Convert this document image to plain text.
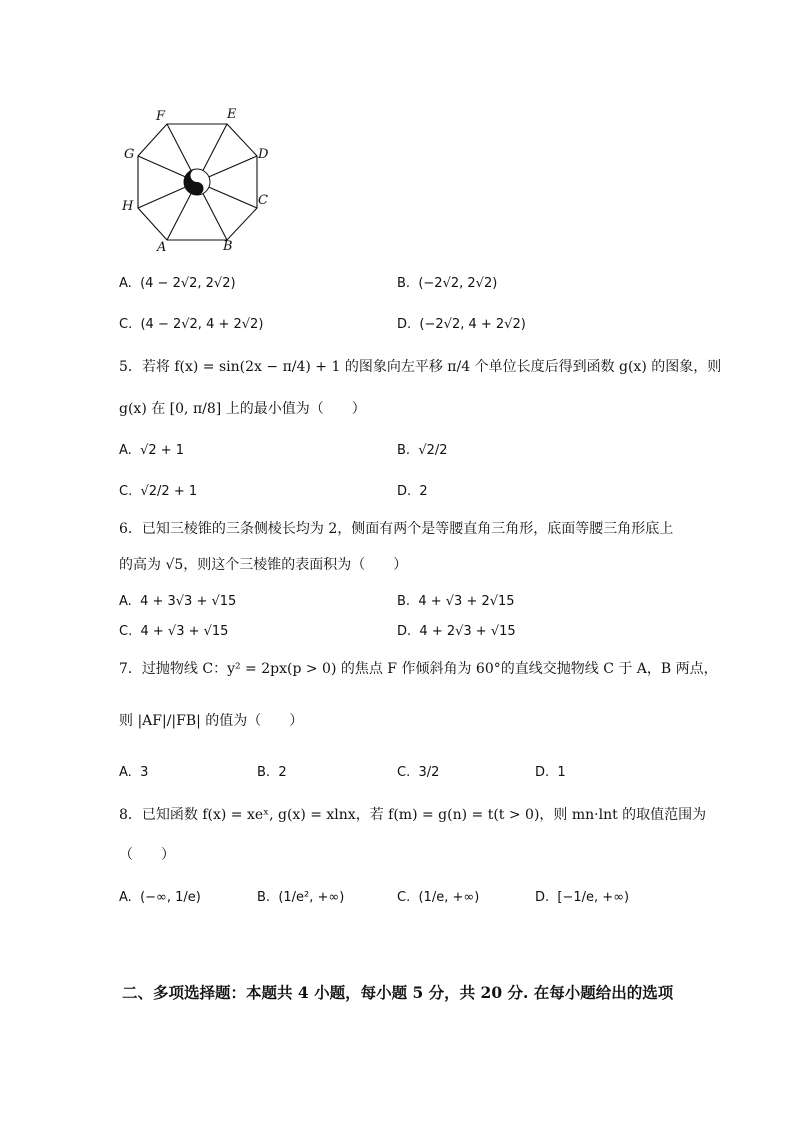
F	E
G	D
H	C
A	B
A. (4 − 2√2, 2√2)	B. (−2√2, 2√2)
C. (4 − 2√2, 4 + 2√2)	D. (−2√2, 4 + 2√2)
5．若将 f(x) = sin(2x − π/4) + 1 的图象向左平移 π/4 个单位长度后得到函数 g(x) 的图象，则
g(x) 在 [0, π/8] 上的最小值为（　　）
A. √2 + 1	B. √2/2
C. √2/2 + 1	D. 2
6．已知三棱锥的三条侧棱长均为 2，侧面有两个是等腰直角三角形，底面等腰三角形底上
的高为 √5，则这个三棱锥的表面积为（　　）
A. 4 + 3√3 + √15	B. 4 + √3 + 2√15
C. 4 + √3 + √15	D. 4 + 2√3 + √15
7．过抛物线 C：y² = 2px(p > 0) 的焦点 F 作倾斜角为 60°的直线交抛物线 C 于 A，B 两点，
则 |AF|/|FB| 的值为（　　）
A. 3	B. 2	C. 3/2	D. 1
8．已知函数 f(x) = xeˣ, g(x) = xlnx，若 f(m) = g(n) = t(t > 0)，则 mn·lnt 的取值范围为
（　　）
A. (−∞, 1/e)	B. (1/e², +∞)	C. (1/e, +∞)	D. [−1/e, +∞)
二、多项选择题：本题共 4 小题，每小题 5 分，共 20 分. 在每小题给出的选项
